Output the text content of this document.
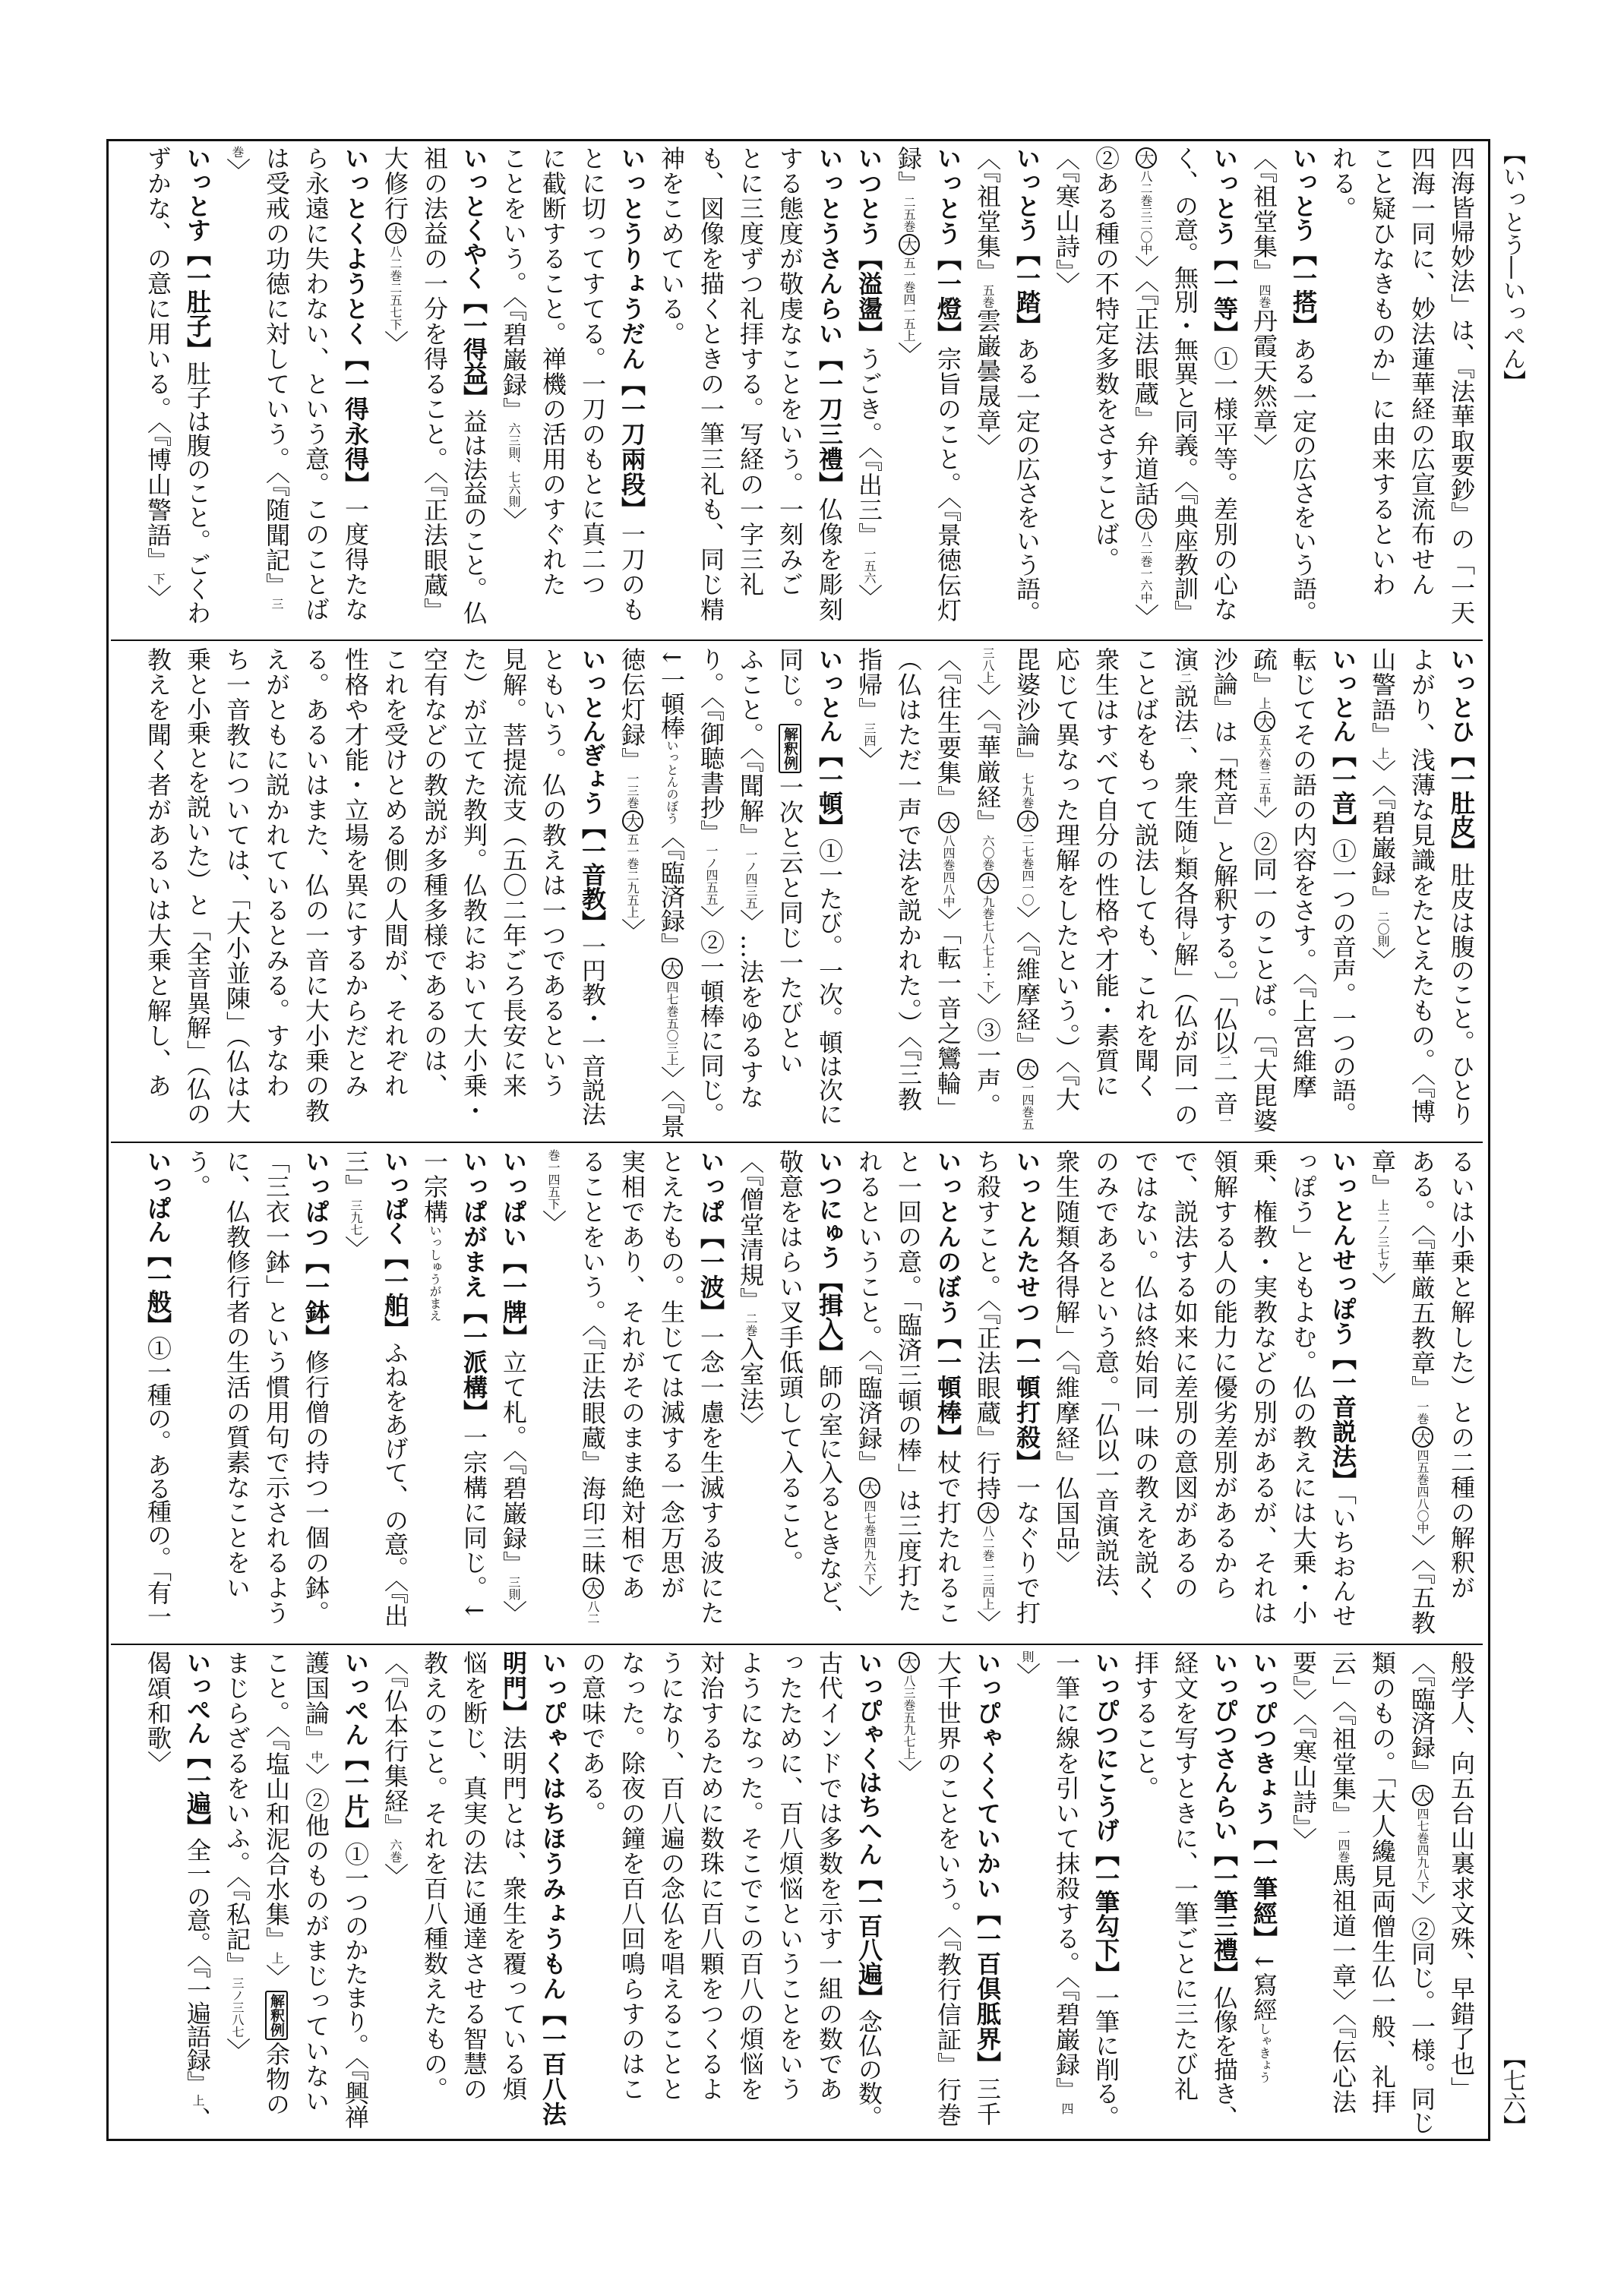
【いっとう―いっぺん】
【七六】
四海皆帰妙法」は、『法華取要鈔』の「一天
四海一同に、妙法蓮華経の広宣流布せん
こと疑ひなきものか」に由来するといわ
れる。
いっとう【一搭】ある一定の広さをいう語。
〈『祖堂集』四巻丹霞天然章〉
いっとう【一等】①一様平等。差別の心な
く、の意。無別・無異と同義。〈『典座教訓』
大八二巻三二〇中〉〈『正法眼蔵』弁道話大八二巻一六中〉
②ある種の不特定多数をさすことば。
〈『寒山詩』〉
いっとう【一踏】ある一定の広さをいう語。
〈『祖堂集』五巻雲巌曇晟章〉
いっとう【一燈】宗旨のこと。〈『景徳伝灯
録』二五巻大五一巻四一五上〉
いつとう【溢盪】うごき。〈『出三』一五六〉
いっとうさんらい【一刀三禮】仏像を彫刻
する態度が敬虔なことをいう。一刻みご
とに三度ずつ礼拝する。写経の一字三礼
も、図像を描くときの一筆三礼も、同じ精
神をこめている。
いっとうりょうだん【一刀兩段】一刀のも
とに切ってすてる。一刀のもとに真二つ
に截断すること。禅機の活用のすぐれた
ことをいう。〈『碧巌録』六三則、七六則〉
いっとくやく【一得益】益は法益のこと。仏
祖の法益の一分を得ること。〈『正法眼蔵』
大修行大八二巻二五七下〉
いっとくようとく【一得永得】一度得たな
ら永遠に失わない、という意。このことば
は受戒の功徳に対していう。〈『随聞記』三
巻〉
いっとす【一肚子】肚子は腹のこと。ごくわ
ずかな、の意に用いる。〈『博山警語』下〉
いっとひ【一肚皮】肚皮は腹のこと。ひとり
よがり、浅薄な見識をたとえたもの。〈『博
山警語』上〉〈『碧巌録』二〇則〉
いっとん【一音】①一つの音声。一つの語。
転じてその語の内容をさす。〈『上宮維摩
疏』上大五六巻二五中〉②同一のことば。〔『大毘婆
沙論』は「梵音」と解釈する。〕「仏以二一音一
演二説法一、衆生随レ類各得レ解」（仏が同一の
ことばをもって説法しても、これを聞く
衆生はすべて自分の性格や才能・素質に
応じて異なった理解をしたという。）〈『大
毘婆沙論』七九巻大二七巻四一〇〉〈『維摩経』大一四巻五
三八上〉〈『華厳経』六〇巻大九巻七八七上・下〉③一声。
〈『往生要集』大八四巻四八中〉「転一音之鸞輪」
（仏はただ一声で法を説かれた。）〈『三教
指帰』三四〉
いっとん【一頓】①一たび。一次。頓は次に
同じ。解釈例一次と云と同じ一たびとい
ふこと。〈『聞解』一ノ四三五〉…法をゆるすな
り。〈『御聴書抄』一ノ四五五〉②一頓棒に同じ。
↓一頓棒いっとんのぼう〈『臨済録』大四七巻五〇三上〉〈『景
徳伝灯録』一三巻大五一巻二九五上〉
いっとんぎょう【一音教】一円教・一音説法
ともいう。仏の教えは一つであるという
見解。菩提流支（五〇二年ごろ長安に来
た）が立てた教判。仏教において大小乗・
空有などの教説が多種多様であるのは、
これを受けとめる側の人間が、それぞれ
性格や才能・立場を異にするからだとみ
る。あるいはまた、仏の一音に大小乗の教
えがともに説かれているとみる。すなわ
ち一音教については、「大小並陳」（仏は大
乗と小乗とを説いた）と「全音異解」（仏の
教えを聞く者があるいは大乗と解し、あ
るいは小乗と解した）との二種の解釈が
ある。〈『華厳五教章』一巻大四五巻四八〇中〉〈『五教
章』上二ノ三七ウ〉
いっとんせっぽう【一音説法】「いちおんせ
っぽう」ともよむ。仏の教えには大乗・小
乗、権教・実教などの別があるが、それは
領解する人の能力に優劣差別があるから
で、説法する如来に差別の意図があるの
ではない。仏は終始同一味の教えを説く
のみであるという意。「仏以一音演説法、
衆生随類各得解」〈『維摩経』仏国品〉
いっとんたせつ【一頓打殺】一なぐりで打
ち殺すこと。〈『正法眼蔵』行持大八二巻一三四上〉
いっとんのぼう【一頓棒】杖で打たれるこ
と一回の意。「臨済三頓の棒」は三度打た
れるということ。〈『臨済録』大四七巻四九六下〉
いつにゅう【揖入】師の室に入るときなど、
敬意をはらい叉手低頭して入ること。
〈『僧堂清規』二巻入室法〉
いっぱ【一波】一念一慮を生滅する波にた
とえたもの。生じては滅する一念万思が
実相であり、それがそのまま絶対相であ
ることをいう。〈『正法眼蔵』海印三昧大八二
巻一四五下〉
いっぱい【一牌】立て札。〈『碧巌録』三則〉
いっぱがまえ【一派構】一宗構に同じ。↓
一宗構いっしゅうがまえ
いっぱく【一舶】ふねをあげて、の意。〈『出
三』三九七〉
いっぱつ【一鉢】修行僧の持つ一個の鉢。
「三衣一鉢」という慣用句で示されるよう
に、仏教修行者の生活の質素なことをい
う。
いっぱん【一般】①一種の。ある種の。「有一
般学人、向五台山裏求文殊、早錯了也」
〈『臨済録』大四七巻四九八下〉②同じ。一様。同じ
類のもの。「大人纔見両僧生仏一般、礼拝
云」〈『祖堂集』一四巻馬祖道一章〉〈『伝心法
要』〉〈『寒山詩』〉
いっぴつきょう【一筆經】↓寫經しゃきょう
いっぴつさんらい【一筆三禮】仏像を描き、
経文を写すときに、一筆ごとに三たび礼
拝すること。
いっぴつにこうげ【一筆勾下】一筆に削る。
一筆に線を引いて抹殺する。〈『碧巌録』四
則〉
いっぴゃくくていかい【一百倶胝界】三千
大千世界のことをいう。〈『教行信証』行巻
大八三巻五九七上〉
いっぴゃくはちへん【一百八遍】念仏の数。
古代インドでは多数を示す一組の数であ
ったために、百八煩悩ということをいう
ようになった。そこでこの百八の煩悩を
対治するために数珠に百八顆をつくるよ
うになり、百八遍の念仏を唱えることと
なった。除夜の鐘を百八回鳴らすのはこ
の意味である。
いっぴゃくはちほうみょうもん【一百八法
明門】法明門とは、衆生を覆っている煩
悩を断じ、真実の法に通達させる智慧の
教えのこと。それを百八種数えたもの。
〈『仏本行集経』六巻〉
いっぺん【一片】①一つのかたまり。〈『興禅
護国論』中〉②他のものがまじっていない
こと。〈『塩山和泥合水集』上〉解釈例余物の
まじらざるをいふ。〈『私記』三ノ三八七〉
いっぺん【一遍】全一の意。〈『一遍語録』上、
偈頌和歌〉
